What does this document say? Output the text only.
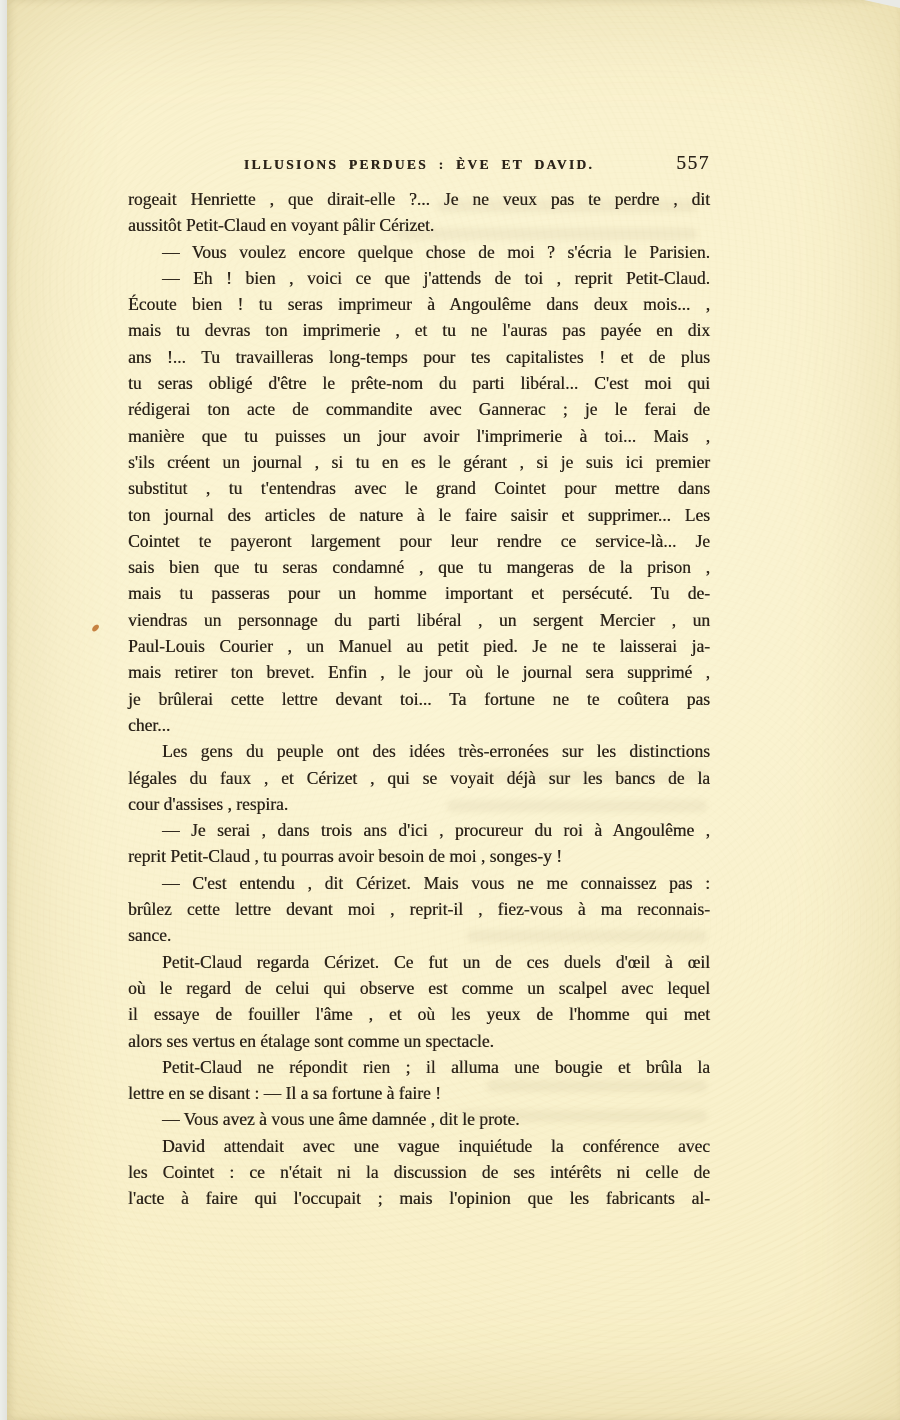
ILLUSIONS PERDUES : ÈVE ET DAVID.	557
rogeait Henriette , que dirait-elle ?... Je ne veux pas te perdre , dit
aussitôt Petit-Claud en voyant pâlir Cérizet.
— Vous voulez encore quelque chose de moi ? s'écria le Parisien.
— Eh ! bien , voici ce que j'attends de toi , reprit Petit-Claud.
Écoute bien ! tu seras imprimeur à Angoulême dans deux mois... ,
mais tu devras ton imprimerie , et tu ne l'auras pas payée en dix
ans !... Tu travailleras long-temps pour tes capitalistes ! et de plus
tu seras obligé d'être le prête-nom du parti libéral... C'est moi qui
rédigerai ton acte de commandite avec Gannerac ; je le ferai de
manière que tu puisses un jour avoir l'imprimerie à toi... Mais ,
s'ils créent un journal , si tu en es le gérant , si je suis ici premier
substitut , tu t'entendras avec le grand Cointet pour mettre dans
ton journal des articles de nature à le faire saisir et supprimer... Les
Cointet te payeront largement pour leur rendre ce service-là... Je
sais bien que tu seras condamné , que tu mangeras de la prison ,
mais tu passeras pour un homme important et persécuté. Tu de-
viendras un personnage du parti libéral , un sergent Mercier , un
Paul-Louis Courier , un Manuel au petit pied. Je ne te laisserai ja-
mais retirer ton brevet. Enfin , le jour où le journal sera supprimé ,
je brûlerai cette lettre devant toi... Ta fortune ne te coûtera pas
cher...
Les gens du peuple ont des idées très-erronées sur les distinctions
légales du faux , et Cérizet , qui se voyait déjà sur les bancs de la
cour d'assises , respira.
— Je serai , dans trois ans d'ici , procureur du roi à Angoulême ,
reprit Petit-Claud , tu pourras avoir besoin de moi , songes-y !
— C'est entendu , dit Cérizet. Mais vous ne me connaissez pas :
brûlez cette lettre devant moi , reprit-il , fiez-vous à ma reconnais-
sance.
Petit-Claud regarda Cérizet. Ce fut un de ces duels d'œil à œil
où le regard de celui qui observe est comme un scalpel avec lequel
il essaye de fouiller l'âme , et où les yeux de l'homme qui met
alors ses vertus en étalage sont comme un spectacle.
Petit-Claud ne répondit rien ; il alluma une bougie et brûla la
lettre en se disant : — Il a sa fortune à faire !
— Vous avez à vous une âme damnée , dit le prote.
David attendait avec une vague inquiétude la conférence avec
les Cointet : ce n'était ni la discussion de ses intérêts ni celle de
l'acte à faire qui l'occupait ; mais l'opinion que les fabricants al-
